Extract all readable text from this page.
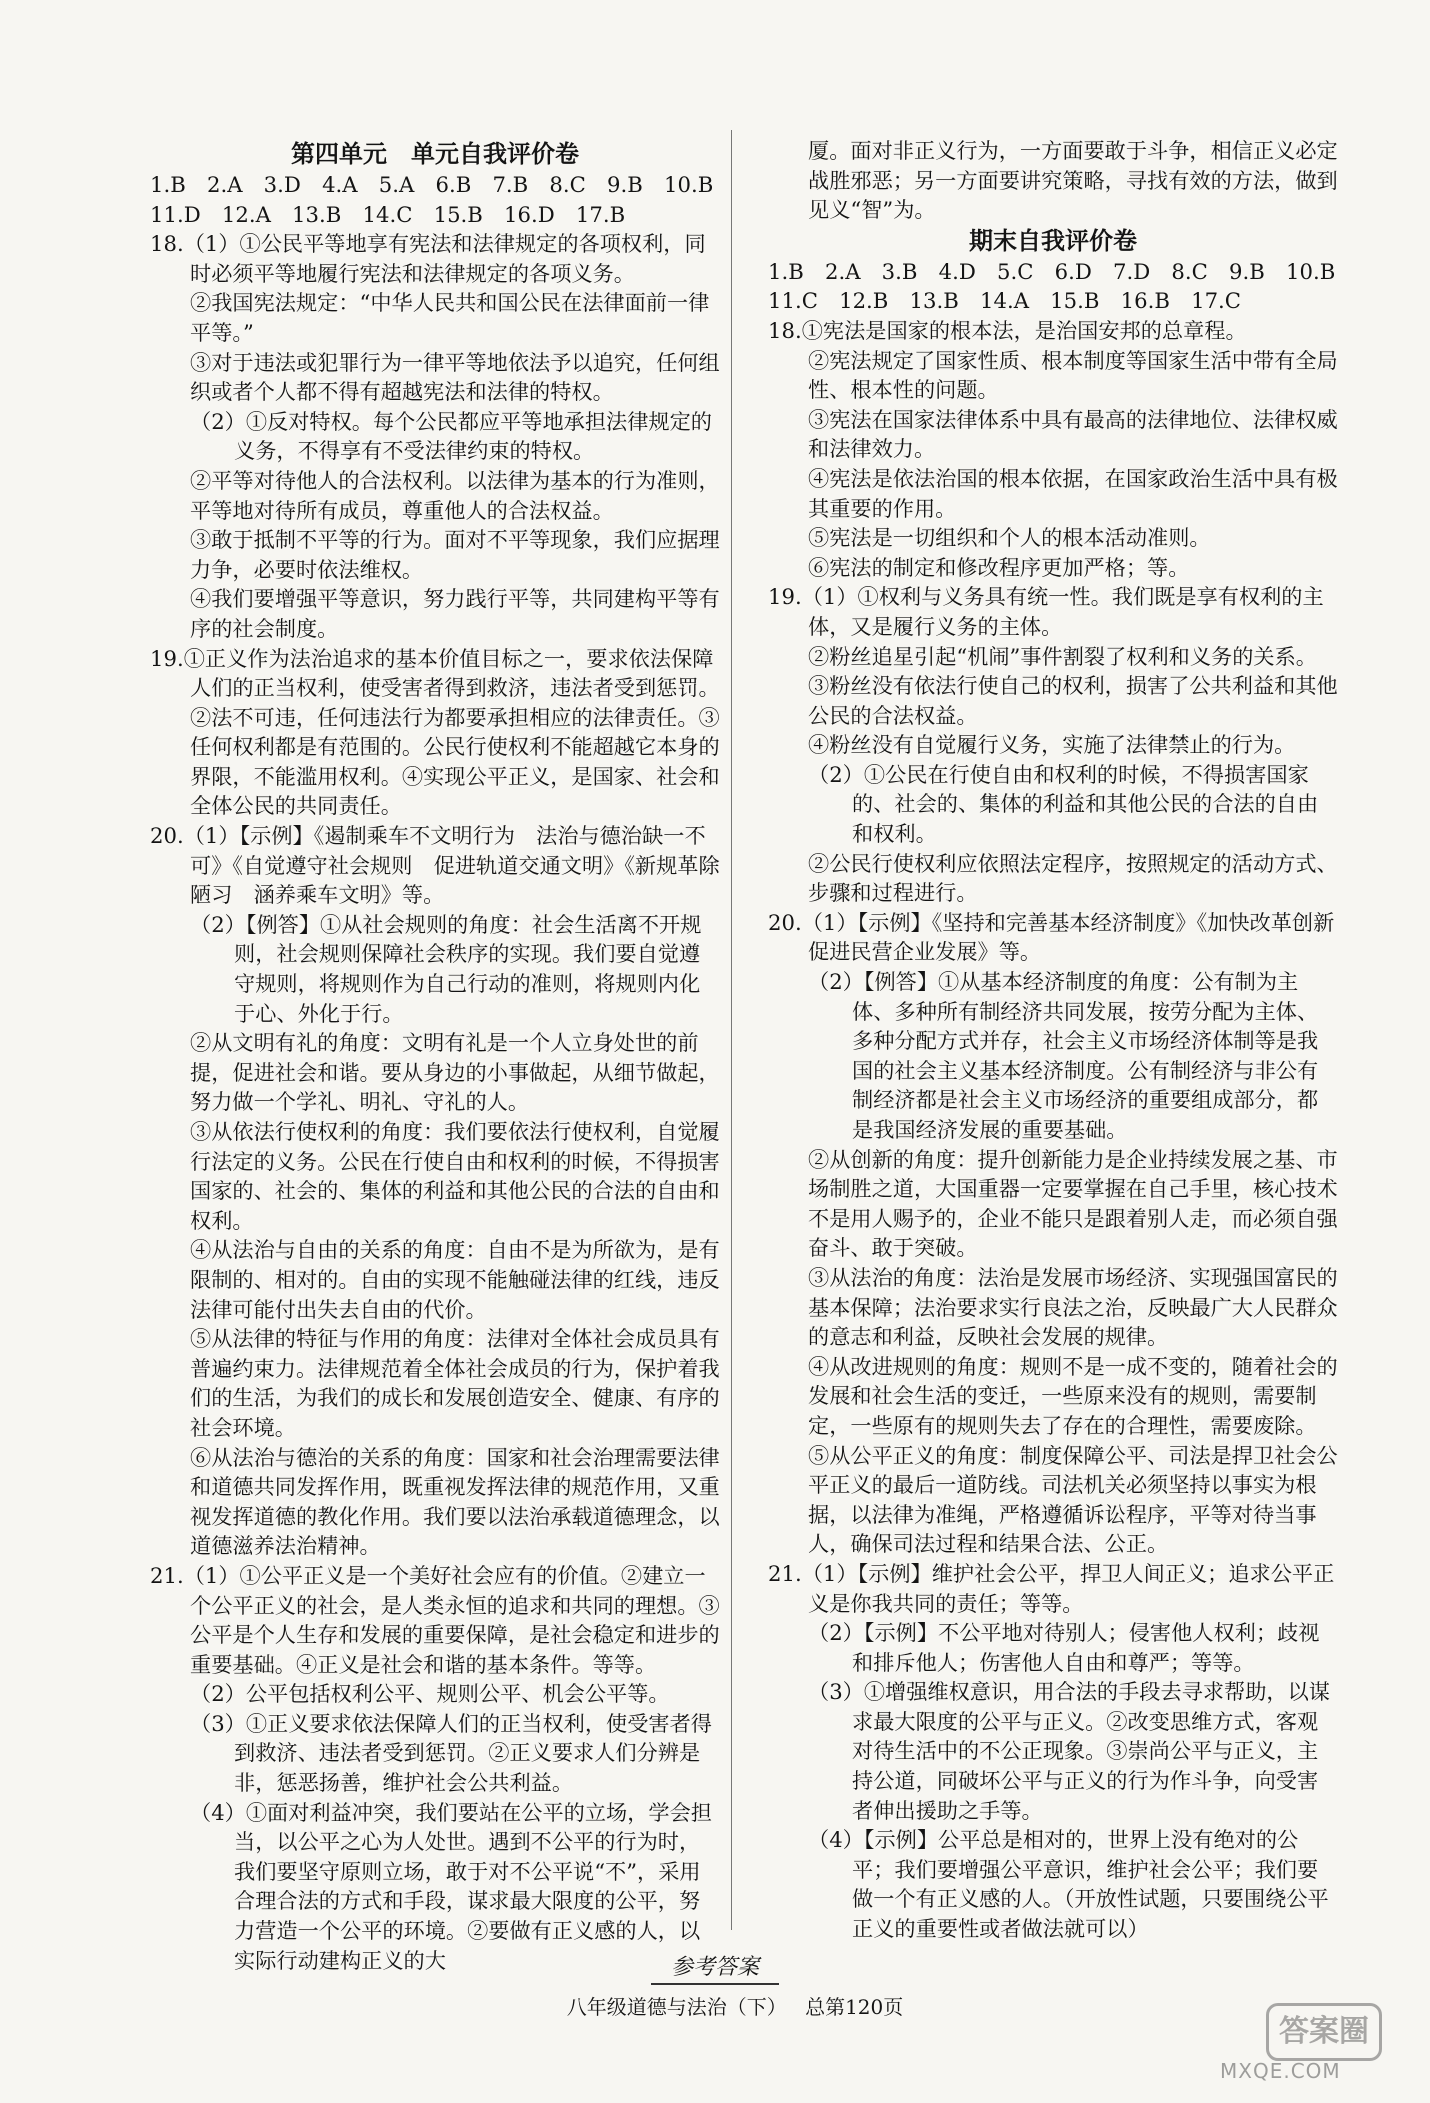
第四单元　单元自我评价卷

1.B　2.A　3.D　4.A　5.A　6.B　7.B　8.C　9.B　10.B

11.D　12.A　13.B　14.C　15.B　16.D　17.B

18.（1）①公民平等地享有宪法和法律规定的各项权利，同时必须平等地履行宪法和法律规定的各项义务。

②我国宪法规定：“中华人民共和国公民在法律面前一律平等。”

③对于违法或犯罪行为一律平等地依法予以追究，任何组织或者个人都不得有超越宪法和法律的特权。

（2）①反对特权。每个公民都应平等地承担法律规定的义务，不得享有不受法律约束的特权。

②平等对待他人的合法权利。以法律为基本的行为准则，平等地对待所有成员，尊重他人的合法权益。

③敢于抵制不平等的行为。面对不平等现象，我们应据理力争，必要时依法维权。

④我们要增强平等意识，努力践行平等，共同建构平等有序的社会制度。

19.①正义作为法治追求的基本价值目标之一，要求依法保障人们的正当权利，使受害者得到救济，违法者受到惩罚。②法不可违，任何违法行为都要承担相应的法律责任。③任何权利都是有范围的。公民行使权利不能超越它本身的界限，不能滥用权利。④实现公平正义，是国家、社会和全体公民的共同责任。

20.（1）【示例】《遏制乘车不文明行为　法治与德治缺一不可》《自觉遵守社会规则　促进轨道交通文明》《新规革除陋习　涵养乘车文明》等。

（2）【例答】①从社会规则的角度：社会生活离不开规则，社会规则保障社会秩序的实现。我们要自觉遵守规则，将规则作为自己行动的准则，将规则内化于心、外化于行。

②从文明有礼的角度：文明有礼是一个人立身处世的前提，促进社会和谐。要从身边的小事做起，从细节做起，努力做一个学礼、明礼、守礼的人。

③从依法行使权利的角度：我们要依法行使权利，自觉履行法定的义务。公民在行使自由和权利的时候，不得损害国家的、社会的、集体的利益和其他公民的合法的自由和权利。

④从法治与自由的关系的角度：自由不是为所欲为，是有限制的、相对的。自由的实现不能触碰法律的红线，违反法律可能付出失去自由的代价。

⑤从法律的特征与作用的角度：法律对全体社会成员具有普遍约束力。法律规范着全体社会成员的行为，保护着我们的生活，为我们的成长和发展创造安全、健康、有序的社会环境。

⑥从法治与德治的关系的角度：国家和社会治理需要法律和道德共同发挥作用，既重视发挥法律的规范作用，又重视发挥道德的教化作用。我们要以法治承载道德理念，以道德滋养法治精神。

21.（1）①公平正义是一个美好社会应有的价值。②建立一个公平正义的社会，是人类永恒的追求和共同的理想。③公平是个人生存和发展的重要保障，是社会稳定和进步的重要基础。④正义是社会和谐的基本条件。等等。

（2）公平包括权利公平、规则公平、机会公平等。

（3）①正义要求依法保障人们的正当权利，使受害者得到救济、违法者受到惩罚。②正义要求人们分辨是非，惩恶扬善，维护社会公共利益。

（4）①面对利益冲突，我们要站在公平的立场，学会担当，以公平之心为人处世。遇到不公平的行为时，我们要坚守原则立场，敢于对不公平说“不”，采用合理合法的方式和手段，谋求最大限度的公平，努力营造一个公平的环境。②要做有正义感的人，以实际行动建构正义的大

厦。面对非正义行为，一方面要敢于斗争，相信正义必定战胜邪恶；另一方面要讲究策略，寻找有效的方法，做到见义“智”为。

期末自我评价卷

1.B　2.A　3.B　4.D　5.C　6.D　7.D　8.C　9.B　10.B

11.C　12.B　13.B　14.A　15.B　16.B　17.C

18.①宪法是国家的根本法，是治国安邦的总章程。

②宪法规定了国家性质、根本制度等国家生活中带有全局性、根本性的问题。

③宪法在国家法律体系中具有最高的法律地位、法律权威和法律效力。

④宪法是依法治国的根本依据，在国家政治生活中具有极其重要的作用。

⑤宪法是一切组织和个人的根本活动准则。

⑥宪法的制定和修改程序更加严格；等。

19.（1）①权利与义务具有统一性。我们既是享有权利的主体，又是履行义务的主体。

②粉丝追星引起“机闹”事件割裂了权利和义务的关系。

③粉丝没有依法行使自己的权利，损害了公共利益和其他公民的合法权益。

④粉丝没有自觉履行义务，实施了法律禁止的行为。

（2）①公民在行使自由和权利的时候，不得损害国家的、社会的、集体的利益和其他公民的合法的自由和权利。

②公民行使权利应依照法定程序，按照规定的活动方式、步骤和过程进行。

20.（1）【示例】《坚持和完善基本经济制度》《加快改革创新促进民营企业发展》等。

（2）【例答】①从基本经济制度的角度：公有制为主体、多种所有制经济共同发展，按劳分配为主体、多种分配方式并存，社会主义市场经济体制等是我国的社会主义基本经济制度。公有制经济与非公有制经济都是社会主义市场经济的重要组成部分，都是我国经济发展的重要基础。

②从创新的角度：提升创新能力是企业持续发展之基、市场制胜之道，大国重器一定要掌握在自己手里，核心技术不是用人赐予的，企业不能只是跟着别人走，而必须自强奋斗、敢于突破。

③从法治的角度：法治是发展市场经济、实现强国富民的基本保障；法治要求实行良法之治，反映最广大人民群众的意志和利益，反映社会发展的规律。

④从改进规则的角度：规则不是一成不变的，随着社会的发展和社会生活的变迁，一些原来没有的规则，需要制定，一些原有的规则失去了存在的合理性，需要废除。

⑤从公平正义的角度：制度保障公平、司法是捍卫社会公平正义的最后一道防线。司法机关必须坚持以事实为根据，以法律为准绳，严格遵循诉讼程序，平等对待当事人，确保司法过程和结果合法、公正。

21.（1）【示例】维护社会公平，捍卫人间正义；追求公平正义是你我共同的责任；等等。

（2）【示例】不公平地对待别人；侵害他人权利；歧视和排斥他人；伤害他人自由和尊严；等等。

（3）①增强维权意识，用合法的手段去寻求帮助，以谋求最大限度的公平与正义。②改变思维方式，客观对待生活中的不公正现象。③崇尚公平与正义，主持公道，同破坏公平与正义的行为作斗争，向受害者伸出援助之手等。

（4）【示例】公平总是相对的，世界上没有绝对的公平；我们要增强公平意识，维护社会公平；我们要做一个有正义感的人。（开放性试题，只要围绕公平正义的重要性或者做法就可以）

参考答案
八年级道德与法治（下） 总第120页
答案圈
MXQE.COM
